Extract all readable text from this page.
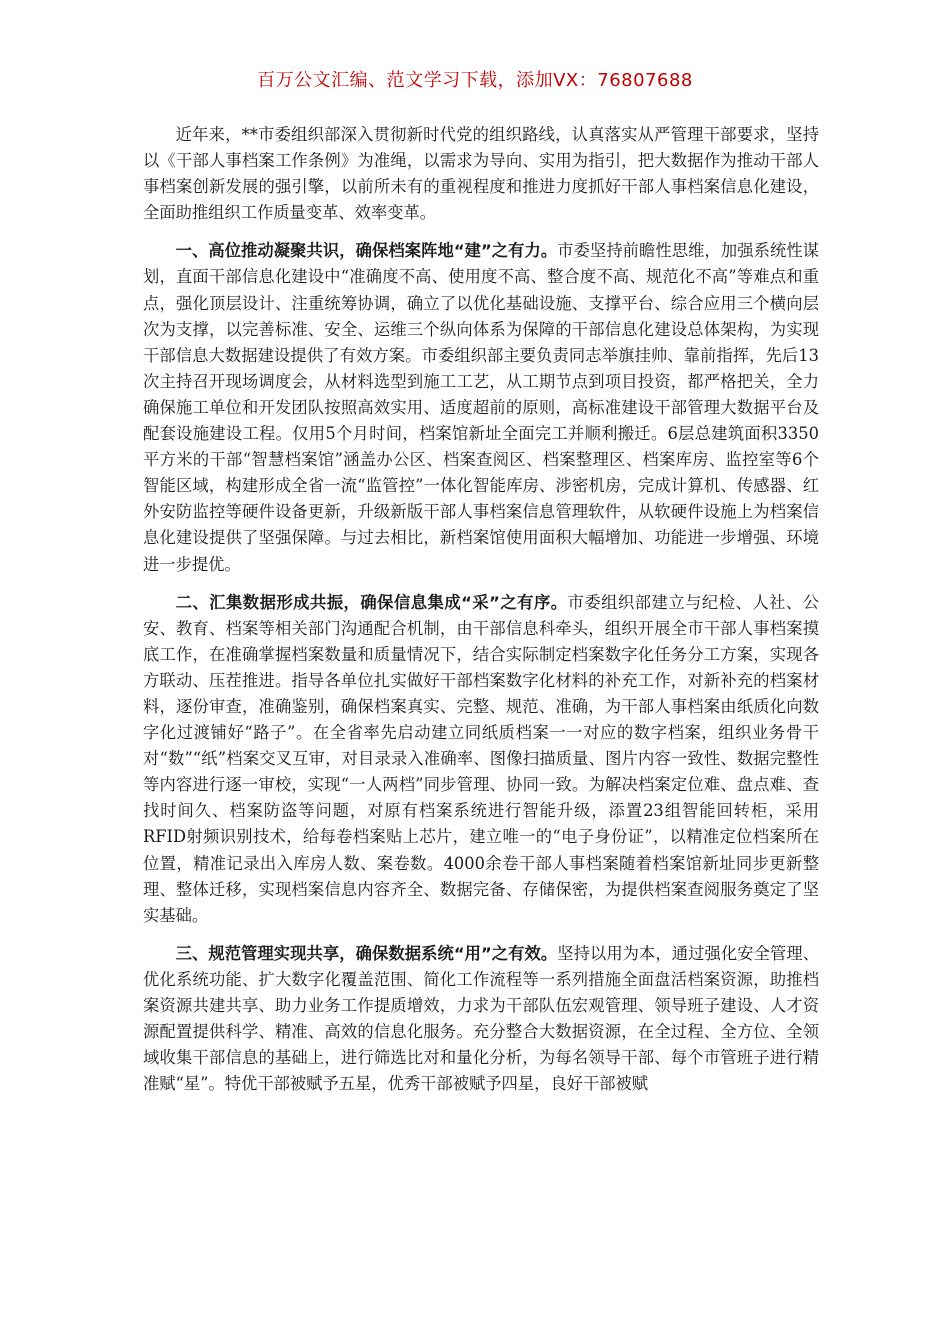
百万公文汇编、范文学习下载，添加VX：76807688

近年来，**市委组织部深入贯彻新时代党的组织路线，认真落实从严管理干部要求，坚持以《干部人事档案工作条例》为准绳，以需求为导向、实用为指引，把大数据作为推动干部人事档案创新发展的强引擎，以前所未有的重视程度和推进力度抓好干部人事档案信息化建设，全面助推组织工作质量变革、效率变革。

一、高位推动凝聚共识，确保档案阵地“建”之有力。市委坚持前瞻性思维，加强系统性谋划，直面干部信息化建设中“准确度不高、使用度不高、整合度不高、规范化不高”等难点和重点，强化顶层设计、注重统筹协调，确立了以优化基础设施、支撑平台、综合应用三个横向层次为支撑，以完善标准、安全、运维三个纵向体系为保障的干部信息化建设总体架构，为实现干部信息大数据建设提供了有效方案。市委组织部主要负责同志举旗挂帅、靠前指挥，先后13次主持召开现场调度会，从材料选型到施工工艺，从工期节点到项目投资，都严格把关，全力确保施工单位和开发团队按照高效实用、适度超前的原则，高标准建设干部管理大数据平台及配套设施建设工程。仅用5个月时间，档案馆新址全面完工并顺利搬迁。6层总建筑面积3350平方米的干部“智慧档案馆”涵盖办公区、档案查阅区、档案整理区、档案库房、监控室等6个智能区域，构建形成全省一流“监管控”一体化智能库房、涉密机房，完成计算机、传感器、红外安防监控等硬件设备更新，升级新版干部人事档案信息管理软件，从软硬件设施上为档案信息化建设提供了坚强保障。与过去相比，新档案馆使用面积大幅增加、功能进一步增强、环境进一步提优。

二、汇集数据形成共振，确保信息集成“采”之有序。市委组织部建立与纪检、人社、公安、教育、档案等相关部门沟通配合机制，由干部信息科牵头，组织开展全市干部人事档案摸底工作，在准确掌握档案数量和质量情况下，结合实际制定档案数字化任务分工方案，实现各方联动、压茬推进。指导各单位扎实做好干部档案数字化材料的补充工作，对新补充的档案材料，逐份审查，准确鉴别，确保档案真实、完整、规范、准确，为干部人事档案由纸质化向数字化过渡铺好“路子”。在全省率先启动建立同纸质档案一一对应的数字档案，组织业务骨干对“数”“纸”档案交叉互审，对目录录入准确率、图像扫描质量、图片内容一致性、数据完整性等内容进行逐一审校，实现“一人两档”同步管理、协同一致。为解决档案定位难、盘点难、查找时间久、档案防盗等问题，对原有档案系统进行智能升级，添置23组智能回转柜，采用RFID射频识别技术，给每卷档案贴上芯片，建立唯一的“电子身份证”，以精准定位档案所在位置，精准记录出入库房人数、案卷数。4000余卷干部人事档案随着档案馆新址同步更新整理、整体迁移，实现档案信息内容齐全、数据完备、存储保密，为提供档案查阅服务奠定了坚实基础。

三、规范管理实现共享，确保数据系统“用”之有效。坚持以用为本，通过强化安全管理、优化系统功能、扩大数字化覆盖范围、简化工作流程等一系列措施全面盘活档案资源，助推档案资源共建共享、助力业务工作提质增效，力求为干部队伍宏观管理、领导班子建设、人才资源配置提供科学、精准、高效的信息化服务。充分整合大数据资源，在全过程、全方位、全领域收集干部信息的基础上，进行筛选比对和量化分析，为每名领导干部、每个市管班子进行精准赋“星”。特优干部被赋予五星，优秀干部被赋予四星，良好干部被赋
